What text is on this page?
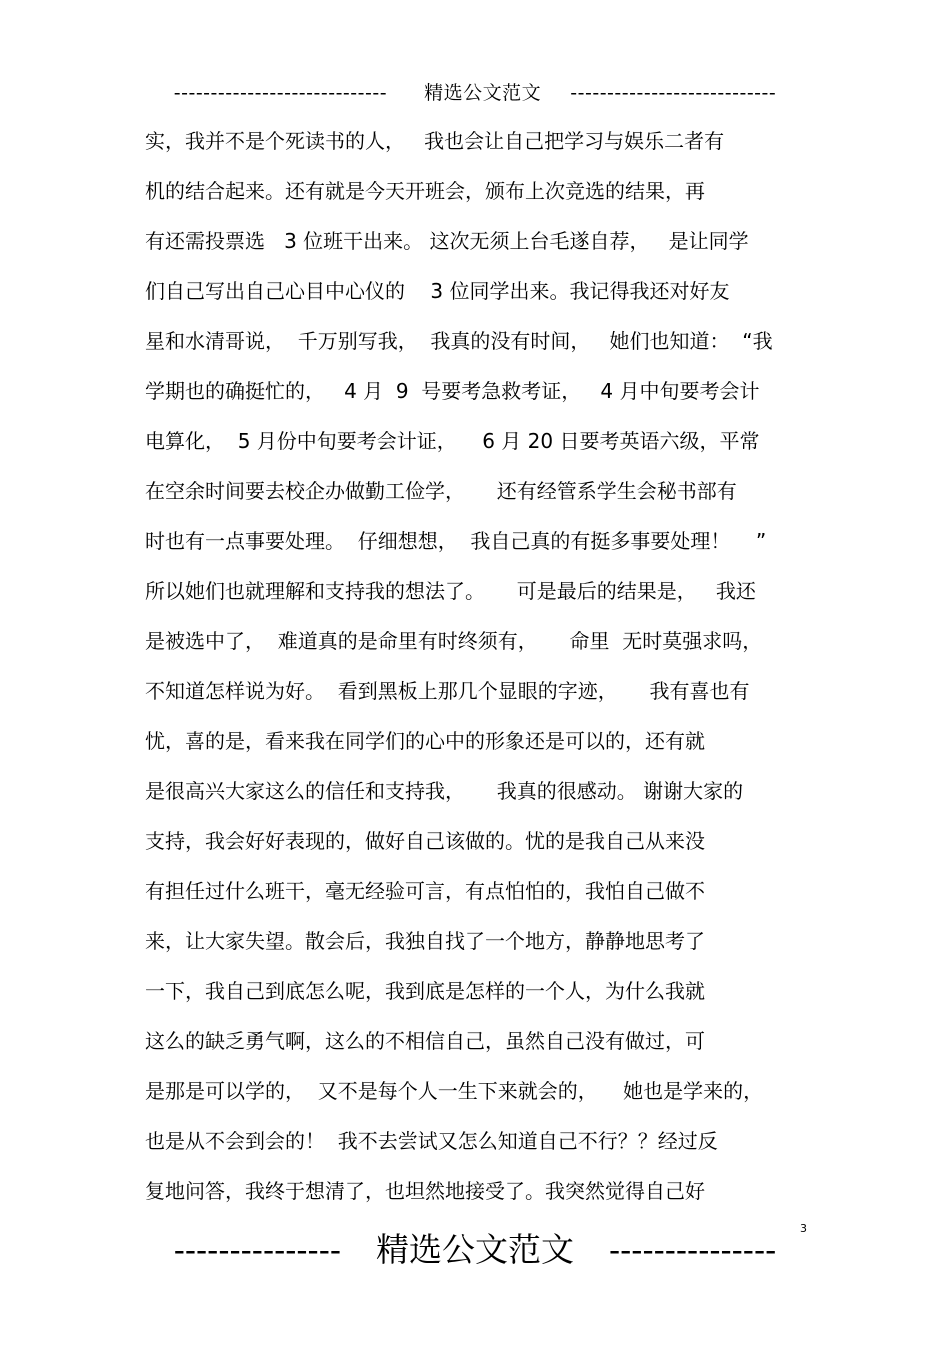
----------------------------- 精选公文范文 ----------------------------
实，我并不是个死读书的人，   我也会让自己把学习与娱乐二者有
机的结合起来。还有就是今天开班会，颁布上次竞选的结果，再
有还需投票选   3 位班干出来。 这次无须上台毛遂自荐，   是让同学
们自己写出自己心目中心仪的    3 位同学出来。我记得我还对好友
星和水清哥说，  千万别写我，  我真的没有时间，   她们也知道：  “我
学期也的确挺忙的，   4 月  9  号要考急救考证，   4 月中旬要考会计
电算化，  5 月份中旬要考会计证，    6 月 20 日要考英语六级，平常
在空余时间要去校企办做勤工俭学，     还有经管系学生会秘书部有
时也有一点事要处理。  仔细想想，  我自己真的有挺多事要处理！    ”
所以她们也就理解和支持我的想法了。     可是最后的结果是，   我还
是被选中了，  难道真的是命里有时终须有，     命里  无时莫强求吗，
不知道怎样说为好。  看到黑板上那几个显眼的字迹，     我有喜也有
忧，喜的是，看来我在同学们的心中的形象还是可以的，还有就
是很高兴大家这么的信任和支持我，     我真的很感动。 谢谢大家的
支持，我会好好表现的，做好自己该做的。忧的是我自己从来没
有担任过什么班干，毫无经验可言，有点怕怕的，我怕自己做不
来，让大家失望。散会后，我独自找了一个地方，静静地思考了
一下，我自己到底怎么呢，我到底是怎样的一个人，为什么我就
这么的缺乏勇气啊，这么的不相信自己，虽然自己没有做过，可
是那是可以学的，  又不是每个人一生下来就会的，    她也是学来的，
也是从不会到会的！  我不去尝试又怎么知道自己不行？？经过反
复地问答，我终于想清了，也坦然地接受了。我突然觉得自己好
3
--------------- 精选公文范文 ---------------
